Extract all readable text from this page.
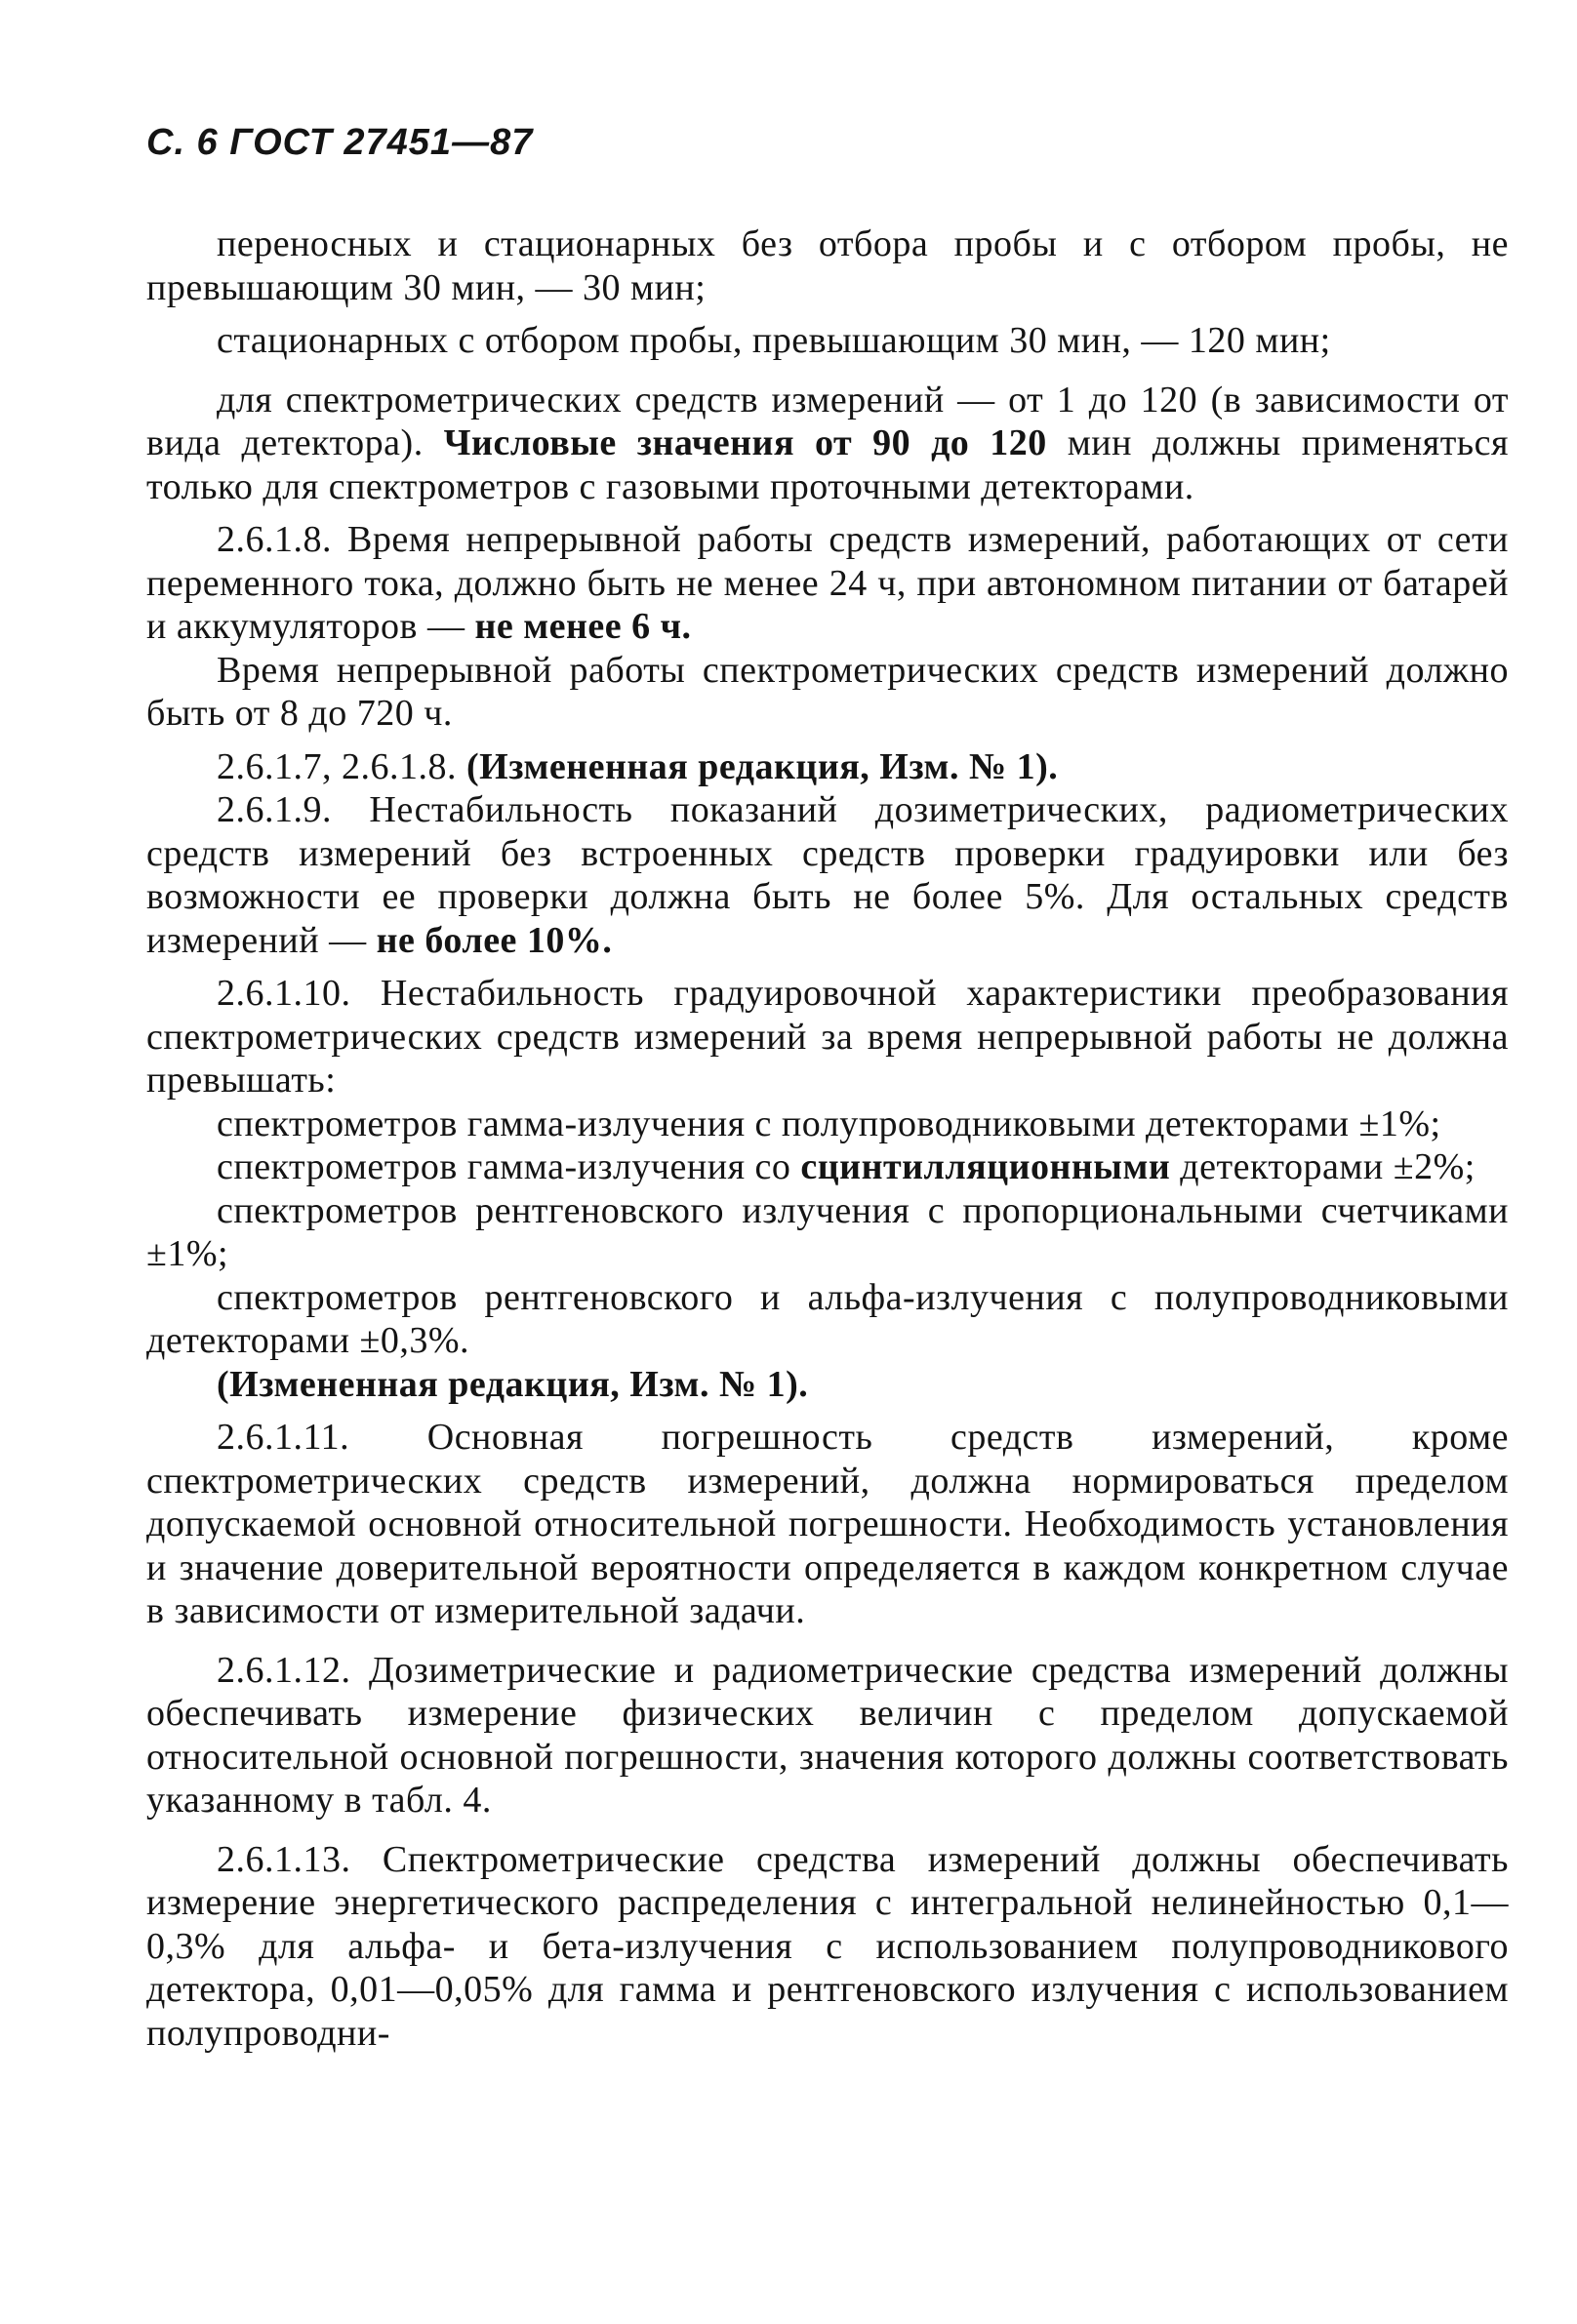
С. 6 ГОСТ 27451—87

переносных и стационарных без отбора пробы и с отбором пробы, не превышающим 30 мин, — 30 мин;

стационарных с отбором пробы, превышающим 30 мин, — 120 мин;

для спектрометрических средств измерений — от 1 до 120 (в зависимости от вида детектора). Числовые значения от 90 до 120 мин должны применяться только для спектрометров с газовыми проточными детекторами.

2.6.1.8. Время непрерывной работы средств измерений, работающих от сети переменного тока, должно быть не менее 24 ч, при автономном питании от батарей и аккумуляторов — не менее 6 ч.

Время непрерывной работы спектрометрических средств измерений должно быть от 8 до 720 ч.

2.6.1.7, 2.6.1.8. (Измененная редакция, Изм. № 1).

2.6.1.9. Нестабильность показаний дозиметрических, радиометрических средств измерений без встроенных средств проверки градуировки или без возможности ее проверки должна быть не более 5%. Для остальных средств измерений — не более 10%.

2.6.1.10. Нестабильность градуировочной характеристики преобразования спектрометрических средств измерений за время непрерывной работы не должна превышать:

спектрометров гамма-излучения с полупроводниковыми детекторами ±1%;

спектрометров гамма-излучения со сцинтилляционными детекторами ±2%;

спектрометров рентгеновского излучения с пропорциональными счетчиками ±1%;

спектрометров рентгеновского и альфа-излучения с полупроводниковыми детекторами ±0,3%.

(Измененная редакция, Изм. № 1).

2.6.1.11. Основная погрешность средств измерений, кроме спектрометрических средств измерений, должна нормироваться пределом допускаемой основной относительной погрешности. Необходимость установления и значение доверительной вероятности определяется в каждом конкретном случае в зависимости от измерительной задачи.

2.6.1.12. Дозиметрические и радиометрические средства измерений должны обеспечивать измерение физических величин с пределом допускаемой относительной основной погрешности, значения которого должны соответствовать указанному в табл. 4.

2.6.1.13. Спектрометрические средства измерений должны обеспечивать измерение энергетического распределения с интегральной нелинейностью 0,1—0,3% для альфа- и бета-излучения с использованием полупроводникового детектора, 0,01—0,05% для гамма и рентгеновского излучения с использованием полупроводни-
